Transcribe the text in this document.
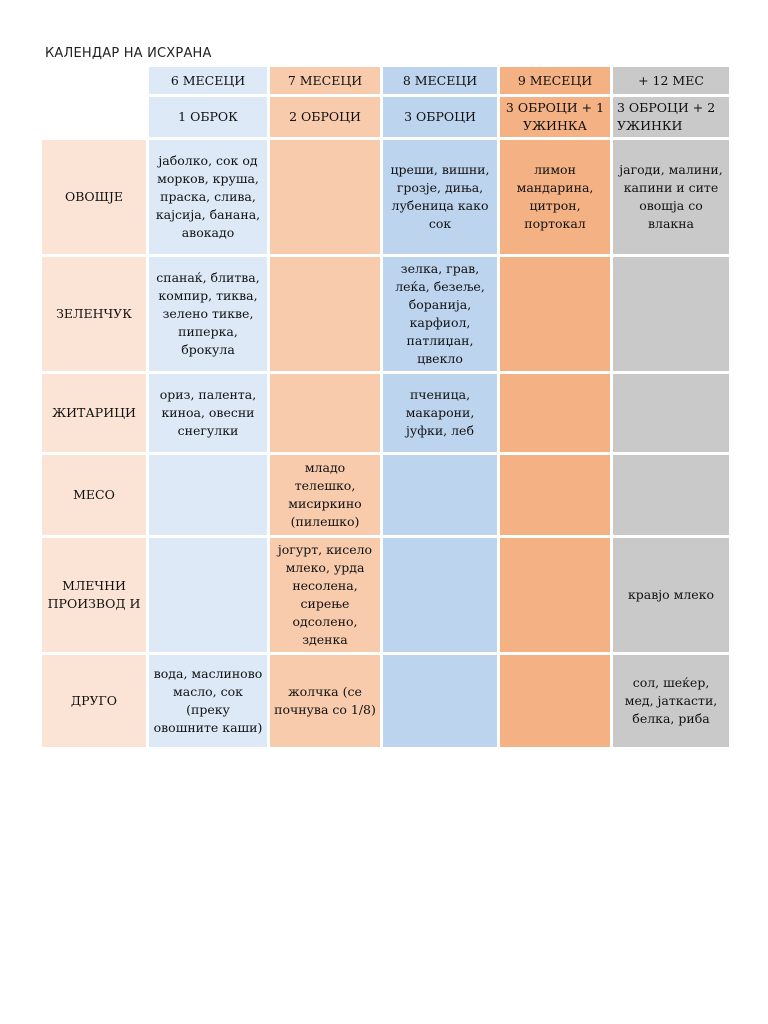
КАЛЕНДАР НА ИСХРАНА
	6 МЕСЕЦИ	7 МЕСЕЦИ	8 МЕСЕЦИ	9 МЕСЕЦИ	+ 12 МЕС
	1 ОБРОК	2 ОБРОЦИ	3 ОБРОЦИ	3 ОБРОЦИ + 1 УЖИНКА	3 ОБРОЦИ + 2 УЖИНКИ
ОВОШЈЕ	јаболко, сок од морков, круша, праска, слива, кајсија, банана, авокадо		цреши, вишни, грозје, диња, лубеница како сок	лимон мандарина, цитрон, портокал	јагоди, малини, капини и сите овошја со влакна
ЗЕЛЕНЧУК	спанаќ, блитва, компир, тиква, зелено тикве, пиперка, брокула		зелка, грав, леќа, безеље, боранија, карфиол, патлиџан, цвекло		
ЖИТАРИЦИ	ориз, палента, киноа, овесни снегулки		пченица, макарони, јуфки, леб		
МЕСО		младо телешко, мисиркино (пилешко)			
МЛЕЧНИ ПРОИЗВОД И		јогурт, кисело млеко, урда несолена, сирење одсолено, зденка			кравјо млеко
ДРУГО	вода, маслиново масло, сок (преку овошните каши)	жолчка (се почнува со 1/8)			сол, шеќер, мед, јаткасти, белка, риба
